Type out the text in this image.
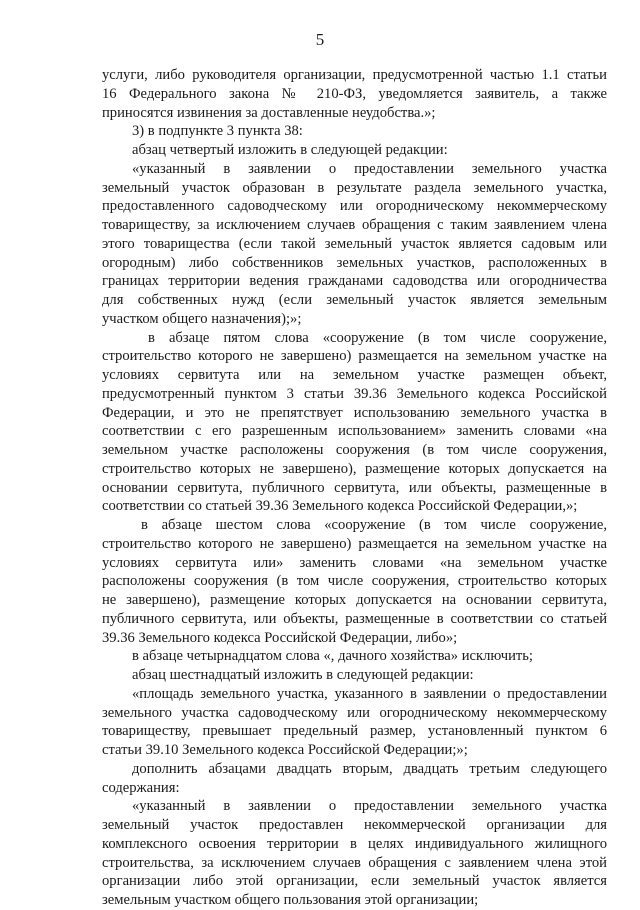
5
услуги, либо руководителя организации, предусмотренной частью 1.1 статьи
16 Федерального закона № 210-ФЗ, уведомляется заявитель, а также
приносятся извинения за доставленные неудобства.»;
3) в подпункте 3 пункта 38:
абзац четвертый изложить в следующей редакции:
«указанный в заявлении о предоставлении земельного участка
земельный участок образован в результате раздела земельного участка,
предоставленного садоводческому или огородническому некоммерческому
товариществу, за исключением случаев обращения с таким заявлением члена
этого товарищества (если такой земельный участок является садовым или
огородным) либо собственников земельных участков, расположенных в
границах территории ведения гражданами садоводства или огородничества
для собственных нужд (если земельный участок является земельным
участком общего назначения);»;
в абзаце пятом слова «сооружение (в том числе сооружение,
строительство которого не завершено) размещается на земельном участке на
условиях сервитута или на земельном участке размещен объект,
предусмотренный пунктом 3 статьи 39.36 Земельного кодекса Российской
Федерации, и это не препятствует использованию земельного участка в
соответствии с его разрешенным использованием» заменить словами «на
земельном участке расположены сооружения (в том числе сооружения,
строительство которых не завершено), размещение которых допускается на
основании сервитута, публичного сервитута, или объекты, размещенные в
соответствии со статьей 39.36 Земельного кодекса Российской Федерации,»;
в абзаце шестом слова «сооружение (в том числе сооружение,
строительство которого не завершено) размещается на земельном участке на
условиях сервитута или» заменить словами «на земельном участке
расположены сооружения (в том числе сооружения, строительство которых
не завершено), размещение которых допускается на основании сервитута,
публичного сервитута, или объекты, размещенные в соответствии со статьей
39.36 Земельного кодекса Российской Федерации, либо»;
в абзаце четырнадцатом слова «, дачного хозяйства» исключить;
абзац шестнадцатый изложить в следующей редакции:
«площадь земельного участка, указанного в заявлении о предоставлении
земельного участка садоводческому или огородническому некоммерческому
товариществу, превышает предельный размер, установленный пунктом 6
статьи 39.10 Земельного кодекса Российской Федерации;»;
дополнить абзацами двадцать вторым, двадцать третьим следующего
содержания:
«указанный в заявлении о предоставлении земельного участка
земельный участок предоставлен некоммерческой организации для
комплексного освоения территории в целях индивидуального жилищного
строительства, за исключением случаев обращения с заявлением члена этой
организации либо этой организации, если земельный участок является
земельным участком общего пользования этой организации;
